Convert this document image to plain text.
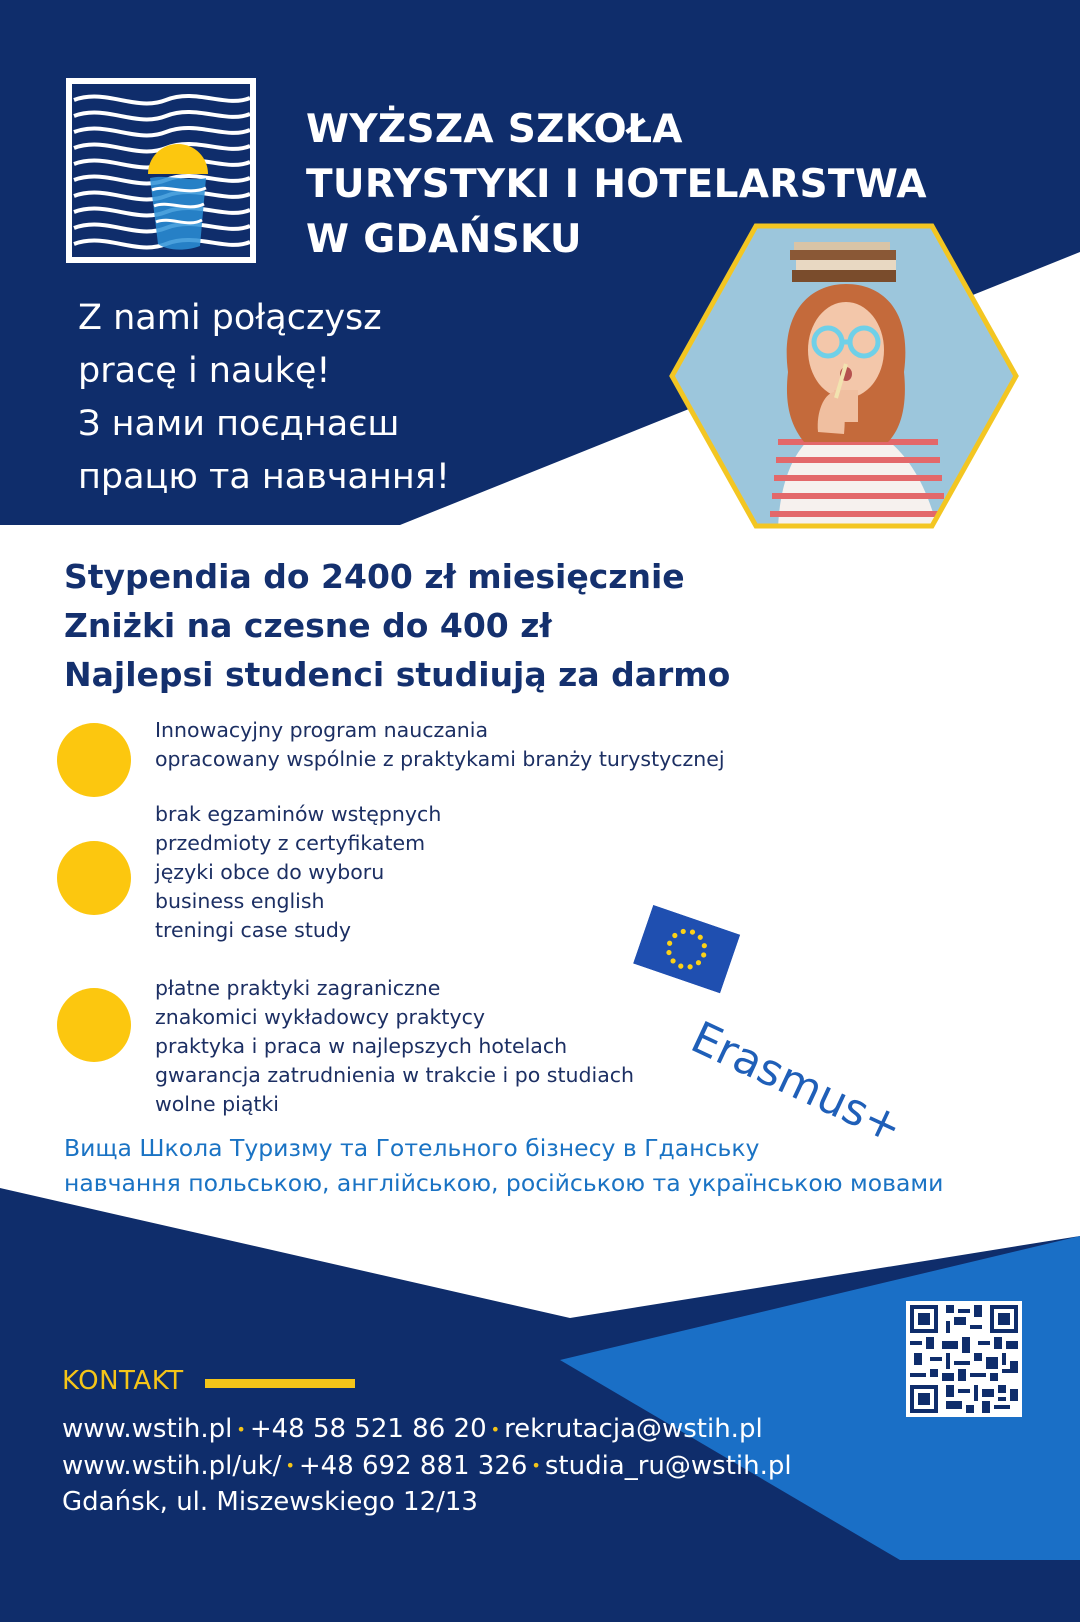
WYŻSZA SZKOŁA
TURYSTYKI I HOTELARSTWA
W GDAŃSKU
Z nami połączysz
pracę i naukę!
З нами поєднаєш
працю та навчання!
Stypendia do 2400 zł miesięcznie
Zniżki na czesne do 400 zł
Najlepsi studenci studiują za darmo
Innowacyjny program nauczania
opracowany wspólnie z praktykami branży turystycznej
brak egzaminów wstępnych
przedmioty z certyfikatem
języki obce do wyboru
business english
treningi case study
płatne praktyki zagraniczne
znakomici wykładowcy praktycy
praktyka i praca w najlepszych hotelach
gwarancja zatrudnienia w trakcie i po studiach
wolne piątki	Erasmus+
Вища Школа Туризму та Готельного бізнесу в Гданську
навчання польською, англійською, російською та українською мовами
KONTAKT
www.wstih.pl • +48 58 521 86 20 • rekrutacja@wstih.pl
www.wstih.pl/uk/ • +48 692 881 326 • studia_ru@wstih.pl
Gdańsk, ul. Miszewskiego 12/13
